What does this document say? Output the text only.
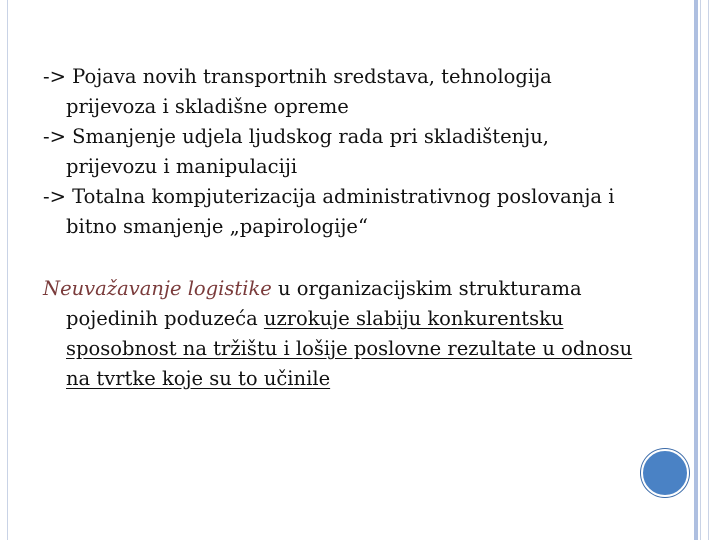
-> Pojava novih transportnih sredstava, tehnologija prijevoza i skladišne opreme

-> Smanjenje udjela ljudskog rada pri skladištenju, prijevozu i manipulaciji

-> Totalna kompjuterizacija administrativnog poslovanja i bitno smanjenje „papirologije“

Neuvažavanje logistike u organizacijskim strukturama pojedinih poduzeća uzrokuje slabiju konkurentsku sposobnost na tržištu i lošije poslovne rezultate u odnosu na tvrtke koje su to učinile
